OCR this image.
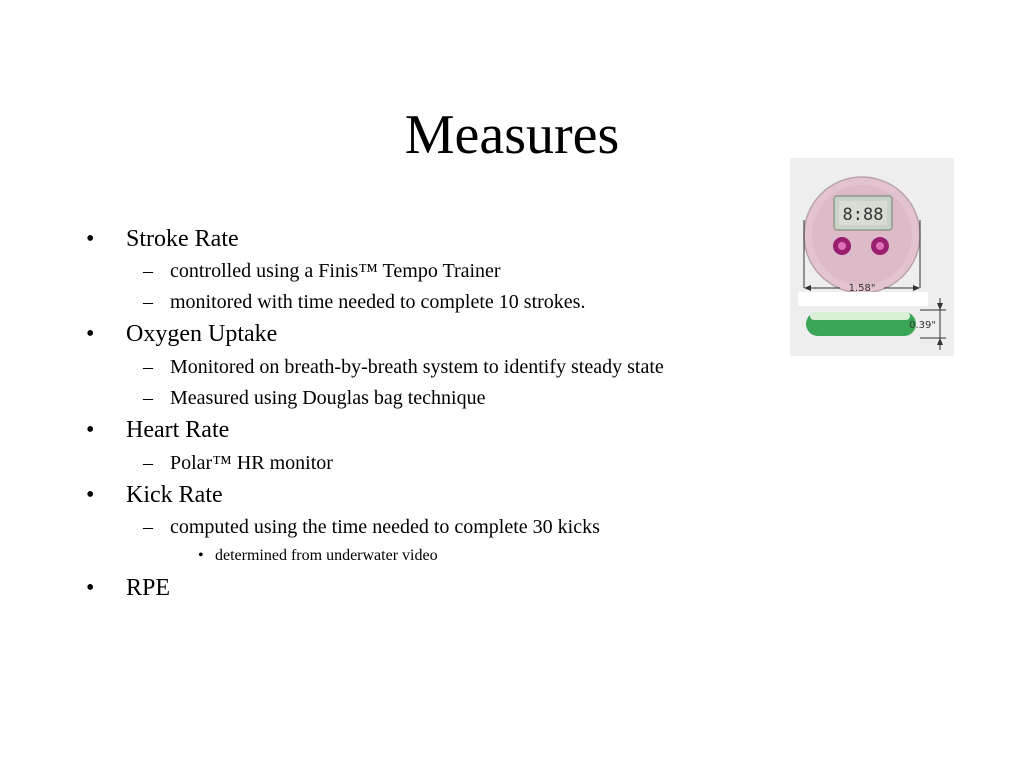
Measures
• Stroke Rate
– controlled using a Finis™ Tempo Trainer
– monitored with time needed to complete 10 strokes.
• Oxygen Uptake
– Monitored on breath-by-breath system to identify steady state
– Measured using Douglas bag technique
• Heart Rate
– Polar™ HR monitor
• Kick Rate
– computed using the time needed to complete 30 kicks
• determined from underwater video
• RPE
8:88
1.58"
0.39"
